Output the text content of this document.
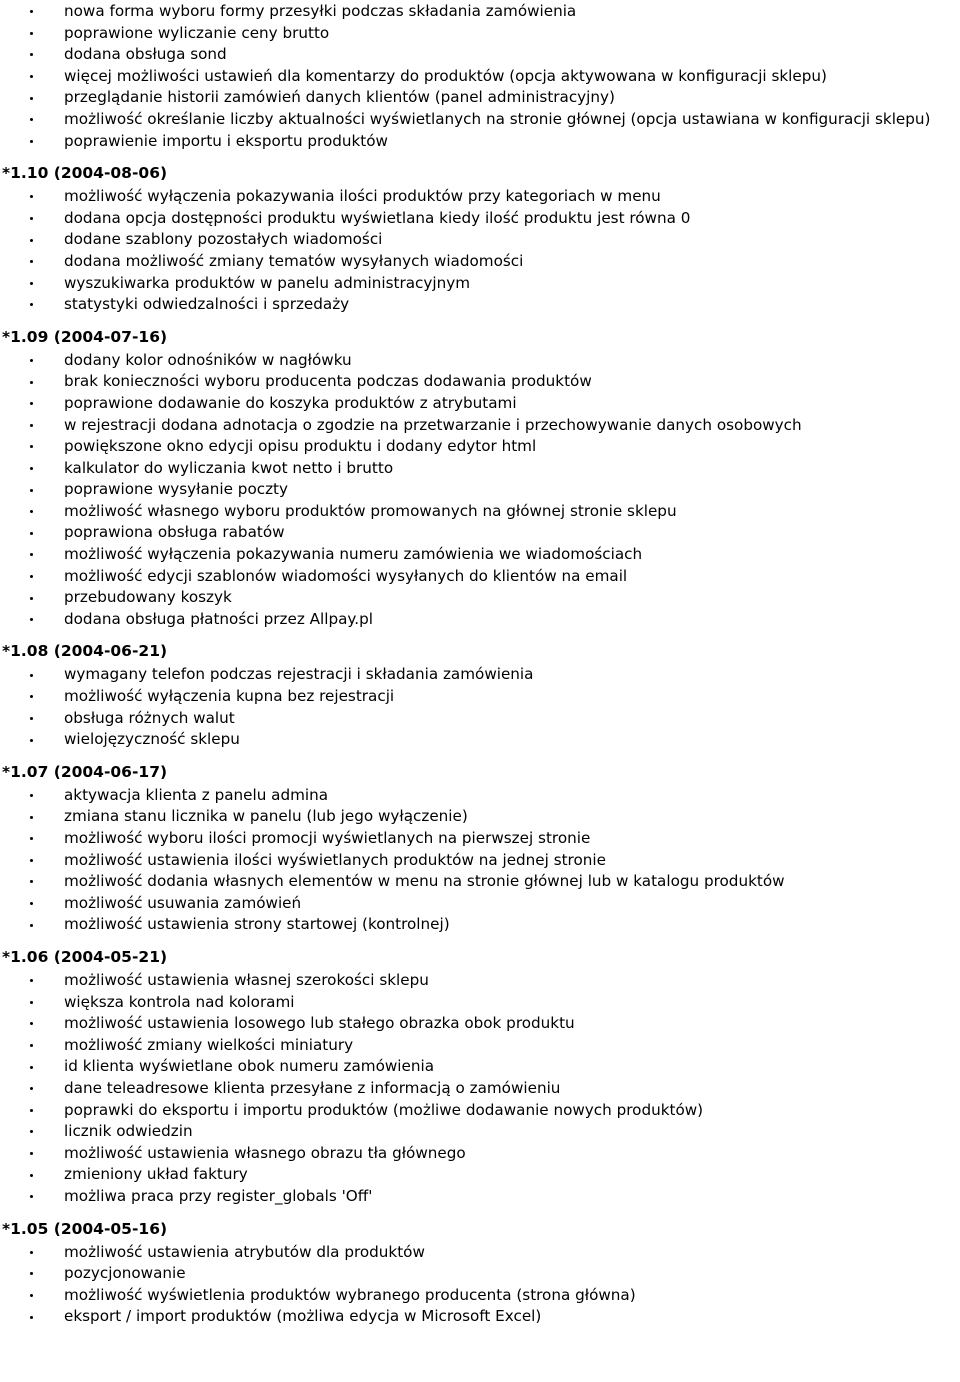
nowa forma wyboru formy przesyłki podczas składania zamówienia
poprawione wyliczanie ceny brutto
dodana obsługa sond
więcej możliwości ustawień dla komentarzy do produktów (opcja aktywowana w konfiguracji sklepu)
przeglądanie historii zamówień danych klientów (panel administracyjny)
możliwość określanie liczby aktualności wyświetlanych na stronie głównej (opcja ustawiana w konfiguracji sklepu)
poprawienie importu i eksportu produktów
*1.10 (2004-08-06)
możliwość wyłączenia pokazywania ilości produktów przy kategoriach w menu
dodana opcja dostępności produktu wyświetlana kiedy ilość produktu jest równa 0
dodane szablony pozostałych wiadomości
dodana możliwość zmiany tematów wysyłanych wiadomości
wyszukiwarka produktów w panelu administracyjnym
statystyki odwiedzalności i sprzedaży
*1.09 (2004-07-16)
dodany kolor odnośników w nagłówku
brak konieczności wyboru producenta podczas dodawania produktów
poprawione dodawanie do koszyka produktów z atrybutami
w rejestracji dodana adnotacja o zgodzie na przetwarzanie i przechowywanie danych osobowych
powiększone okno edycji opisu produktu i dodany edytor html
kalkulator do wyliczania kwot netto i brutto
poprawione wysyłanie poczty
możliwość własnego wyboru produktów promowanych na głównej stronie sklepu
poprawiona obsługa rabatów
możliwość wyłączenia pokazywania numeru zamówienia we wiadomościach
możliwość edycji szablonów wiadomości wysyłanych do klientów na email
przebudowany koszyk
dodana obsługa płatności przez Allpay.pl
*1.08 (2004-06-21)
wymagany telefon podczas rejestracji i składania zamówienia
możliwość wyłączenia kupna bez rejestracji
obsługa różnych walut
wielojęzyczność sklepu
*1.07 (2004-06-17)
aktywacja klienta z panelu admina
zmiana stanu licznika w panelu (lub jego wyłączenie)
możliwość wyboru ilości promocji wyświetlanych na pierwszej stronie
możliwość ustawienia ilości wyświetlanych produktów na jednej stronie
możliwość dodania własnych elementów w menu na stronie głównej lub w katalogu produktów
możliwość usuwania zamówień
możliwość ustawienia strony startowej (kontrolnej)
*1.06 (2004-05-21)
możliwość ustawienia własnej szerokości sklepu
większa kontrola nad kolorami
możliwość ustawienia losowego lub stałego obrazka obok produktu
możliwość zmiany wielkości miniatury
id klienta wyświetlane obok numeru zamówienia
dane teleadresowe klienta przesyłane z informacją o zamówieniu
poprawki do eksportu i importu produktów (możliwe dodawanie nowych produktów)
licznik odwiedzin
możliwość ustawienia własnego obrazu tła głównego
zmieniony układ faktury
możliwa praca przy register_globals 'Off'
*1.05 (2004-05-16)
możliwość ustawienia atrybutów dla produktów
pozycjonowanie
możliwość wyświetlenia produktów wybranego producenta (strona główna)
eksport / import produktów (możliwa edycja w Microsoft Excel)
